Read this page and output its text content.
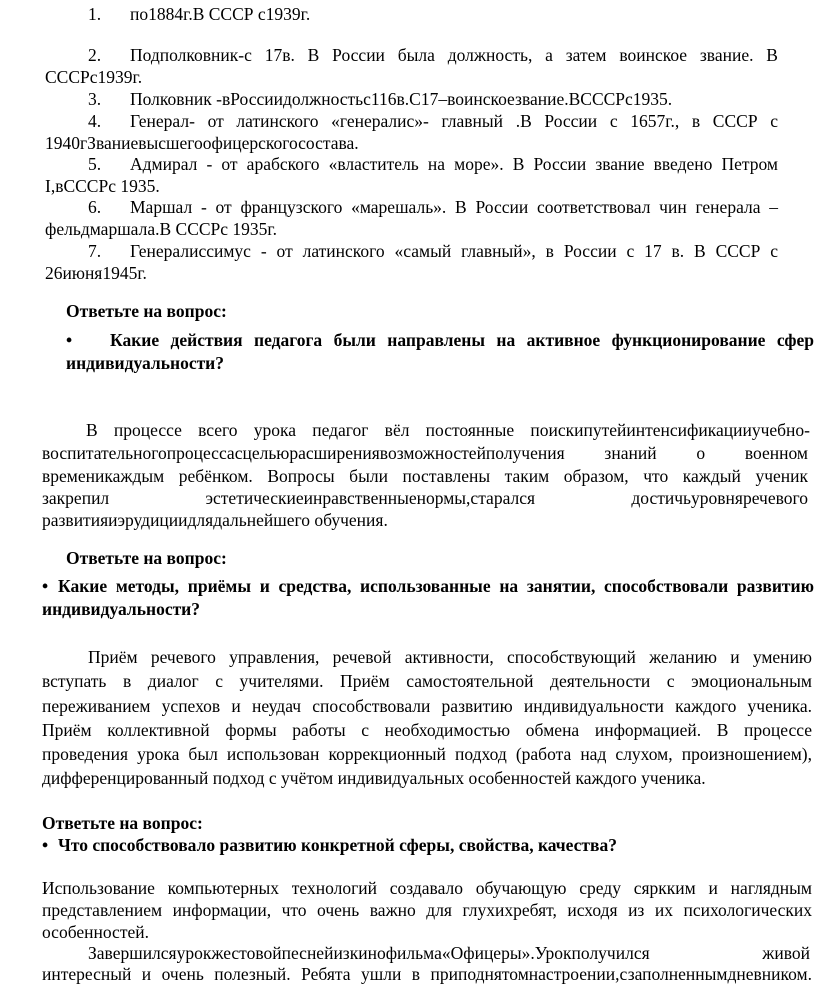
1. по1884г.В СССР с1939г.
2. Подполковник-с 17в. В России была должность, а затем воинское звание. В
СССРс1939г.
3. Полковник -вРоссиидолжностьс116в.С17–воинскоезвание.ВСССРс1935.
4. Генерал- от латинского «генералис»- главный .В России с 1657г., в СССР с
1940гЗваниевысшегоофицерскогосостава.
5. Адмирал - от арабского «властитель на море». В России звание введено Петром
I,вСССРс 1935.
6. Маршал - от французского «марешаль». В России соответствовал чин генерала –
фельдмаршала.В СССРс 1935г.
7. Генералиссимус - от латинского «самый главный», в России с 17 в. В СССР с
26июня1945г.
Ответьте на вопрос:
• Какие действия педагога были направлены на активное функционирование сфер
индивидуальности?
В процессе всего урока педагог вёл постоянные поискипутейинтенсификацииучебно-
воспитательногопроцессасцельюрасширениявозможностейполучения знаний о военном
временикаждым ребёнком. Вопросы были поставлены таким образом, что каждый ученик
закрепил эстетическиеинравственныенормы,старался достичьуровняречевого
развитияиэрудициидлядальнейшего обучения.
Ответьте на вопрос:
• Какие методы, приёмы и средства, использованные на занятии, способствовали развитию
индивидуальности?
Приём речевого управления, речевой активности, способствующий желанию и умению
вступать в диалог с учителями. Приём самостоятельной деятельности с эмоциональным
переживанием успехов и неудач способствовали развитию индивидуальности каждого ученика.
Приём коллективной формы работы с необходимостью обмена информацией. В процессе
проведения урока был использован коррекционный подход (работа над слухом, произношением),
дифференцированный подход с учётом индивидуальных особенностей каждого ученика.
Ответьте на вопрос:
• Что способствовало развитию конкретной сферы, свойства, качества?
Использование компьютерных технологий создавало обучающую среду сяркким и наглядным
представлением информации, что очень важно для глухихребят, исходя из их психологических
особенностей.
Завершилсяурокжестовойпеснейизкинофильма«Офицеры».Урокполучился живой
интересный и очень полезный. Ребята ушли в приподнятомнастроении,сзаполненнымдневником.
